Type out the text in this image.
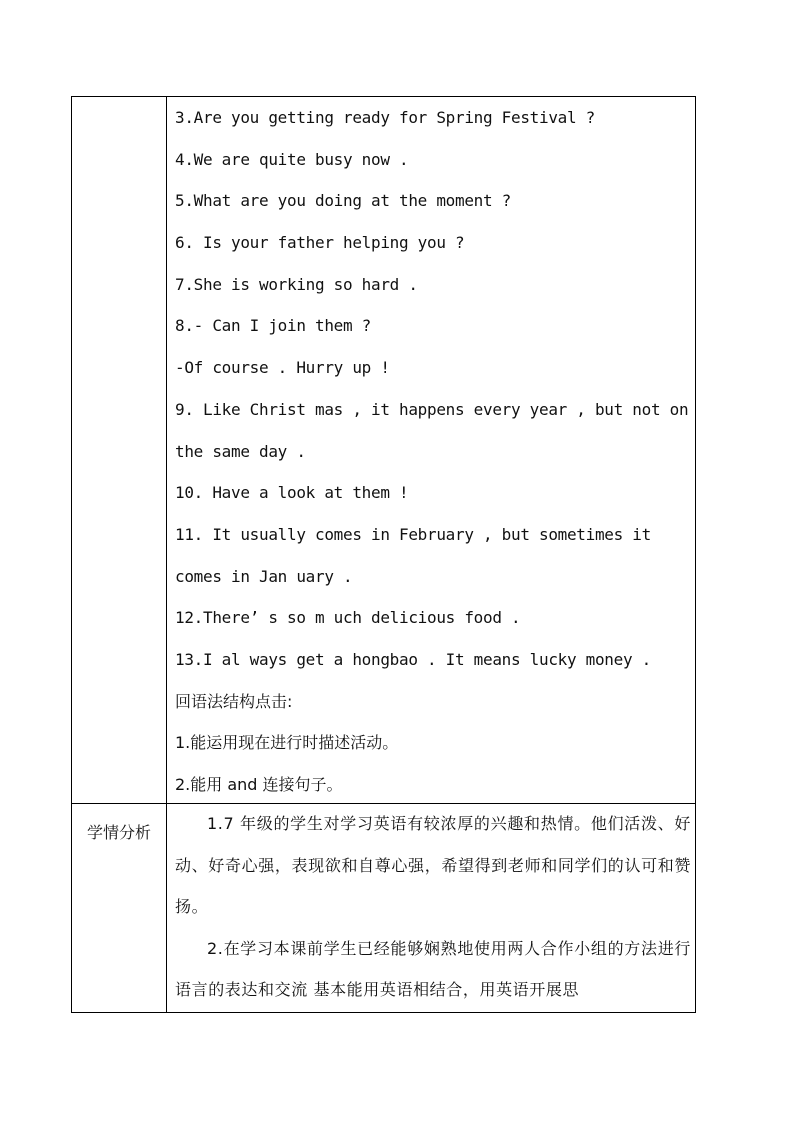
3.Are you getting ready for Spring Festival ?
4.We are quite busy now .
5.What are you doing at the moment ?
6. Is your father helping you ?
7.She is working so hard .
8.- Can I join them ?
-Of course . Hurry up !
9. Like Christ mas , it happens every year , but not on
the same day .
10. Have a look at them !
11. It usually comes in February , but sometimes it
comes in Jan uary .
12.There’ s so m uch delicious food .
13.I al ways get a hongbao . It means lucky money .
回语法结构点击:
1.能运用现在进行时描述活动。
2.能用 and 连接句子。
学情分析	1.7 年级的学生对学习英语有较浓厚的兴趣和热情。他们活泼、好动、好奇心强，表现欲和自尊心强，希望得到老师和同学们的认可和赞扬。

2.在学习本课前学生已经能够娴熟地使用两人合作小组的方法进行语言的表达和交流 基本能用英语相结合，用英语开展思
